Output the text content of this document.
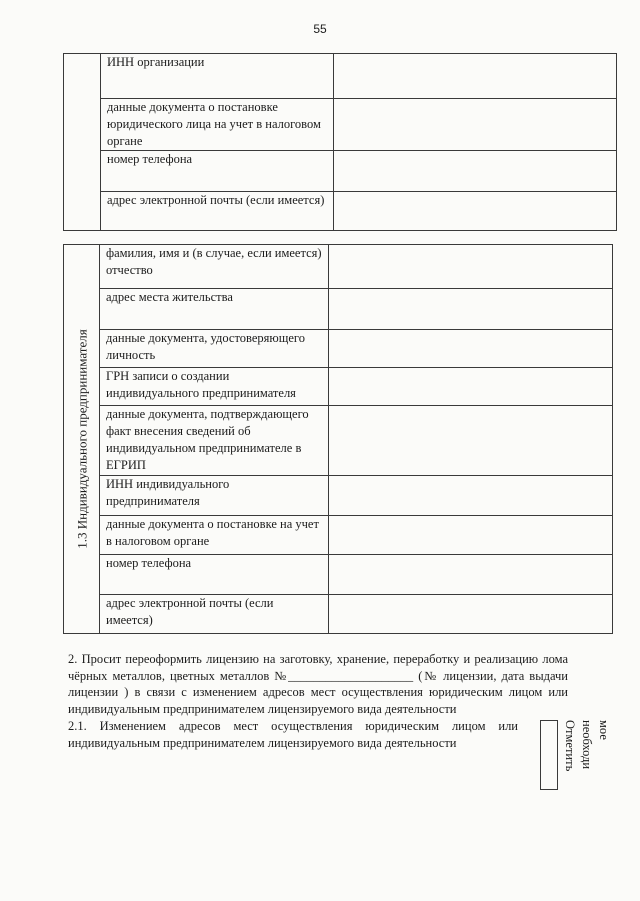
55
	ИНН организации	
	данные документа о постановке юридического лица на учет в налоговом органе	
	номер телефона	
	адрес электронной почты (если имеется)	
1.3 Индивидуального предпринимателя	фамилия, имя и (в случае, если имеется) отчество	
	адрес места жительства	
	данные документа, удостоверяющего личность	
	ГРН записи о создании индивидуального предпринимателя	
	данные документа, подтверждающего факт внесения сведений об индивидуальном предпринимателе в ЕГРИП	
	ИНН индивидуального предпринимателя	
	данные документа о постановке на учет в налоговом органе	
	номер телефона	
	адрес электронной почты (если имеется)	
2. Просит переоформить лицензию на заготовку, хранение, переработку и реализацию лома чёрных металлов, цветных металлов №____________________ (№ лицензии, дата выдачи лицензии ) в связи с изменением адресов мест осуществления юридическим лицом или индивидуальным предпринимателем лицензируемого вида деятельности
2.1. Изменением адресов мест осуществления юридическим лицом или индивидуальным предпринимателем лицензируемого вида деятельности	Отметить необходи мое
